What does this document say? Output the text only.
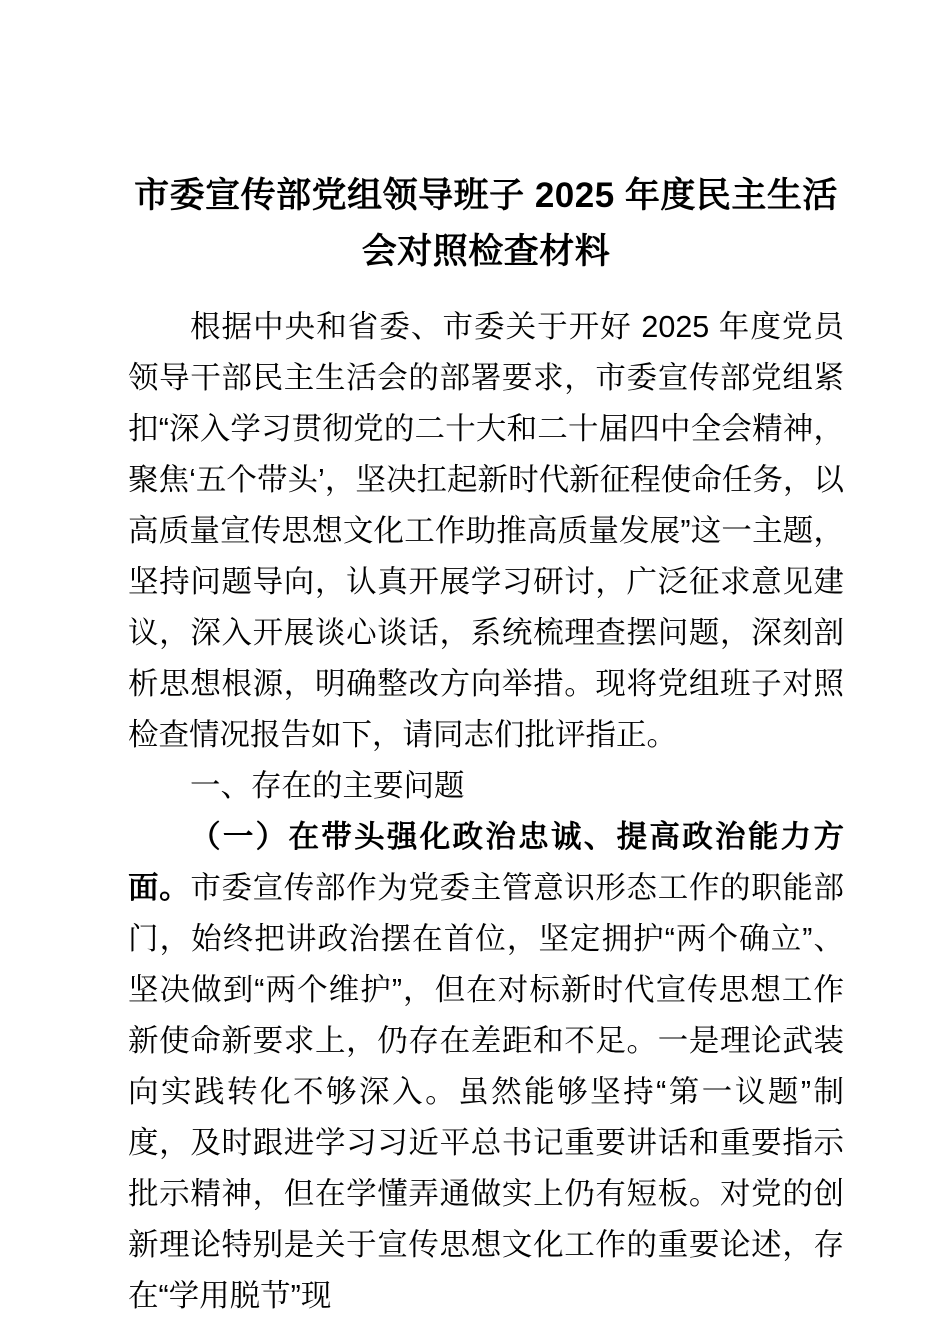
市委宣传部党组领导班子 2025 年度民主生活会对照检查材料

根据中央和省委、市委关于开好 2025 年度党员领导干部民主生活会的部署要求，市委宣传部党组紧扣“深入学习贯彻党的二十大和二十届四中全会精神，聚焦‘五个带头’，坚决扛起新时代新征程使命任务，以高质量宣传思想文化工作助推高质量发展”这一主题，坚持问题导向，认真开展学习研讨，广泛征求意见建议，深入开展谈心谈话，系统梳理查摆问题，深刻剖析思想根源，明确整改方向举措。现将党组班子对照检查情况报告如下，请同志们批评指正。

一、存在的主要问题

（一）在带头强化政治忠诚、提高政治能力方面。市委宣传部作为党委主管意识形态工作的职能部门，始终把讲政治摆在首位，坚定拥护“两个确立”、坚决做到“两个维护”，但在对标新时代宣传思想工作新使命新要求上，仍存在差距和不足。一是理论武装向实践转化不够深入。虽然能够坚持“第一议题”制度，及时跟进学习习近平总书记重要讲话和重要指示批示精神，但在学懂弄通做实上仍有短板。对党的创新理论特别是关于宣传思想文化工作的重要论述，存在“学用脱节”现
